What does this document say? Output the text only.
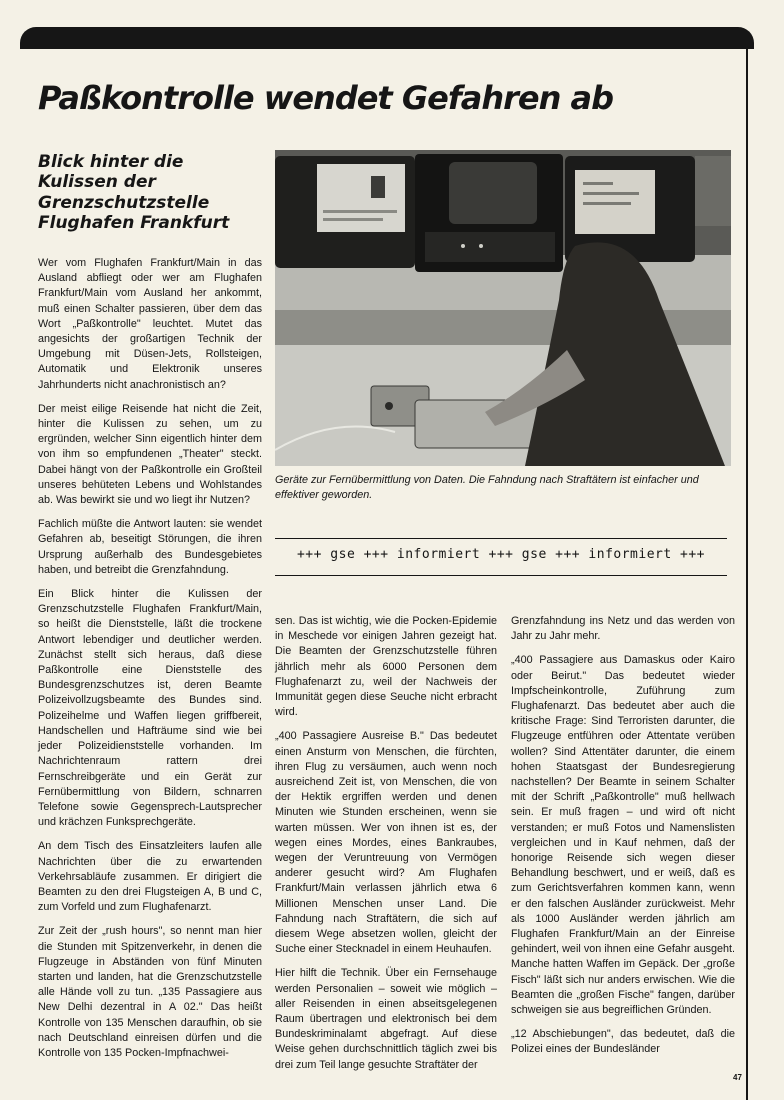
Paßkontrolle wendet Gefahren ab
Blick hinter die Kulissen der Grenzschutzstelle Flughafen Frankfurt

Wer vom Flughafen Frankfurt/Main in das Ausland abfliegt oder wer am Flughafen Frankfurt/Main vom Ausland her ankommt, muß einen Schalter passieren, über dem das Wort „Paßkontrolle" leuchtet. Mutet das angesichts der großartigen Technik der Umgebung mit Düsen-Jets, Rollsteigen, Automatik und Elektronik unseres Jahrhunderts nicht anachronistisch an?

Der meist eilige Reisende hat nicht die Zeit, hinter die Kulissen zu sehen, um zu ergründen, welcher Sinn eigentlich hinter dem von ihm so empfundenen „Theater" steckt. Dabei hängt von der Paßkontrolle ein Großteil unseres behüteten Lebens und Wohlstandes ab. Was bewirkt sie und wo liegt ihr Nutzen?

Fachlich müßte die Antwort lauten: sie wendet Gefahren ab, beseitigt Störungen, die ihren Ursprung außerhalb des Bundesgebietes haben, und betreibt die Grenzfahndung.

Ein Blick hinter die Kulissen der Grenzschutzstelle Flughafen Frankfurt/Main, so heißt die Dienststelle, läßt die trockene Antwort lebendiger und deutlicher werden. Zunächst stellt sich heraus, daß diese Paßkontrolle eine Dienststelle des Bundesgrenzschutzes ist, deren Beamte Polizeivollzugsbeamte des Bundes sind. Polizeihelme und Waffen liegen griffbereit, Handschellen und Hafträume sind wie bei jeder Polizeidienststelle vorhanden. Im Nachrichtenraum rattern drei Fernschreibgeräte und ein Gerät zur Fernübermittlung von Bildern, schnarren Telefone sowie Gegensprech-Lautsprecher und krächzen Funksprechgeräte.

An dem Tisch des Einsatzleiters laufen alle Nachrichten über die zu erwartenden Verkehrsabläufe zusammen. Er dirigiert die Beamten zu den drei Flugsteigen A, B und C, zum Vorfeld und zum Flughafenarzt.

Zur Zeit der „rush hours", so nennt man hier die Stunden mit Spitzenverkehr, in denen die Flugzeuge in Abständen von fünf Minuten starten und landen, hat die Grenzschutzstelle alle Hände voll zu tun. „135 Passagiere aus New Delhi dezentral in A 02." Das heißt Kontrolle von 135 Menschen daraufhin, ob sie nach Deutschland einreisen dürfen und die Kontrolle von 135 Pocken-Impfnachwei-

Geräte zur Fernübermittlung von Daten. Die Fahndung nach Straftätern ist einfacher und effektiver geworden.

+++ gse +++ informiert +++ gse +++ informiert +++

sen. Das ist wichtig, wie die Pocken-Epidemie in Meschede vor einigen Jahren gezeigt hat. Die Beamten der Grenzschutzstelle führen jährlich mehr als 6000 Personen dem Flughafenarzt zu, weil der Nachweis der Immunität gegen diese Seuche nicht erbracht wird.

„400 Passagiere Ausreise B." Das bedeutet einen Ansturm von Menschen, die fürchten, ihren Flug zu versäumen, auch wenn noch ausreichend Zeit ist, von Menschen, die von der Hektik ergriffen werden und denen Minuten wie Stunden erscheinen, wenn sie warten müssen. Wer von ihnen ist es, der wegen eines Mordes, eines Bankraubes, wegen der Veruntreuung von Vermögen anderer gesucht wird? Am Flughafen Frankfurt/Main verlassen jährlich etwa 6 Millionen Menschen unser Land. Die Fahndung nach Straftätern, die sich auf diesem Wege absetzen wollen, gleicht der Suche einer Stecknadel in einem Heuhaufen.

Hier hilft die Technik. Über ein Fernsehauge werden Personalien – soweit wie möglich – aller Reisenden in einen abseitsgelegenen Raum übertragen und elektronisch bei dem Bundeskriminalamt abgefragt. Auf diese Weise gehen durchschnittlich täglich zwei bis drei zum Teil lange gesuchte Straftäter der

Grenzfahndung ins Netz und das werden von Jahr zu Jahr mehr.

„400 Passagiere aus Damaskus oder Kairo oder Beirut." Das bedeutet wieder Impfscheinkontrolle, Zuführung zum Flughafenarzt. Das bedeutet aber auch die kritische Frage: Sind Terroristen darunter, die Flugzeuge entführen oder Attentate verüben wollen? Sind Attentäter darunter, die einem hohen Staatsgast der Bundesregierung nachstellen? Der Beamte in seinem Schalter mit der Schrift „Paßkontrolle" muß hellwach sein. Er muß fragen – und wird oft nicht verstanden; er muß Fotos und Namenslisten vergleichen und in Kauf nehmen, daß der honorige Reisende sich wegen dieser Behandlung beschwert, und er weiß, daß es zum Gerichtsverfahren kommen kann, wenn er den falschen Ausländer zurückweist. Mehr als 1000 Ausländer werden jährlich am Flughafen Frankfurt/Main an der Einreise gehindert, weil von ihnen eine Gefahr ausgeht. Manche hatten Waffen im Gepäck. Der „große Fisch" läßt sich nur anders erwischen. Wie die Beamten die „großen Fische" fangen, darüber schweigen sie aus begreiflichen Gründen.

„12 Abschiebungen", das bedeutet, daß die Polizei eines der Bundesländer

47
